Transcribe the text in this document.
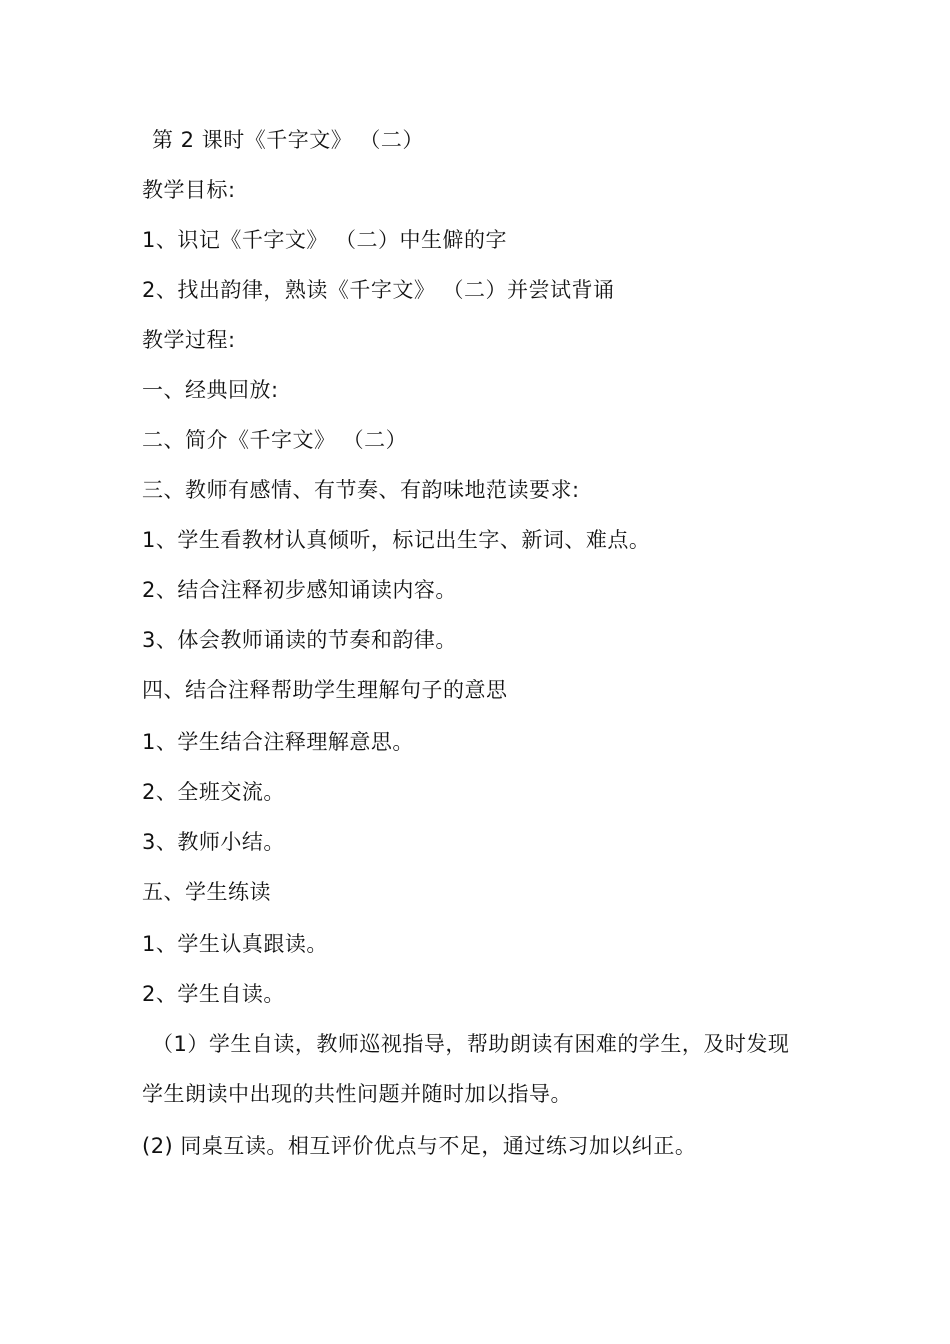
第 2 课时《千字文》 （二）
教学目标:
1、识记《千字文》 （二）中生僻的字
2、找出韵律，熟读《千字文》 （二）并尝试背诵
教学过程:
一、经典回放:
二、简介《千字文》 （二）
三、教师有感情、有节奏、有韵味地范读要求:
1、学生看教材认真倾听，标记出生字、新词、难点。
2、结合注释初步感知诵读内容。
3、体会教师诵读的节奏和韵律。
四、结合注释帮助学生理解句子的意思
1、学生结合注释理解意思。
2、全班交流。
3、教师小结。
五、学生练读
1、学生认真跟读。
2、学生自读。
（1）学生自读，教师巡视指导，帮助朗读有困难的学生，及时发现
学生朗读中出现的共性问题并随时加以指导。
(2) 同桌互读。相互评价优点与不足，通过练习加以纠正。
